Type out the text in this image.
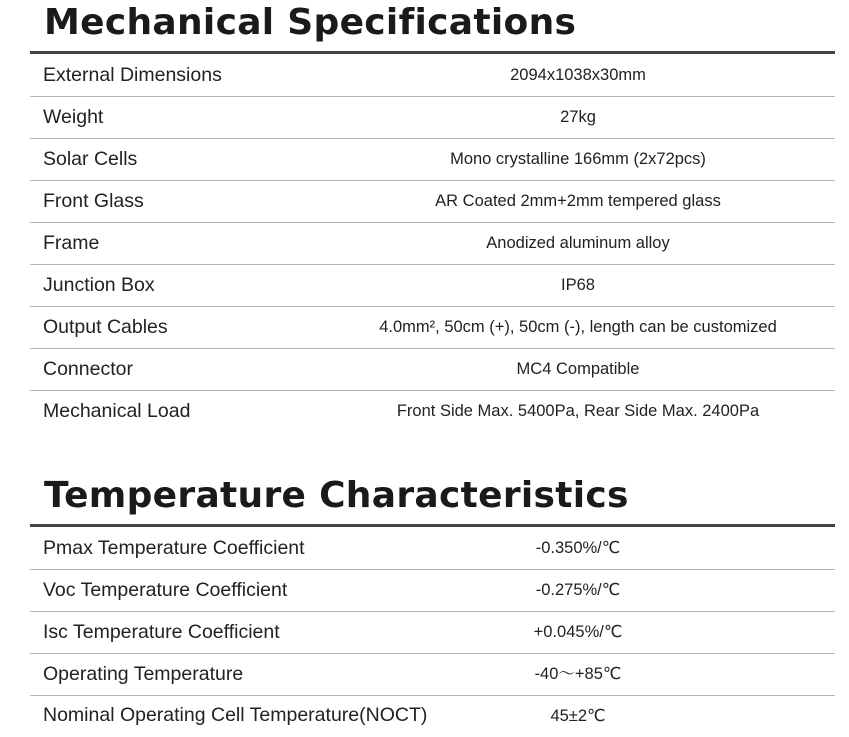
Mechanical Specifications
External Dimensions	2094x1038x30mm
Weight	27kg
Solar Cells	Mono crystalline 166mm (2x72pcs)
Front Glass	AR Coated 2mm+2mm tempered glass
Frame	Anodized aluminum alloy
Junction Box	IP68
Output Cables	4.0mm², 50cm (+), 50cm (-), length can be customized
Connector	MC4 Compatible
Mechanical Load	Front Side Max. 5400Pa, Rear Side Max. 2400Pa
Temperature Characteristics
Pmax Temperature Coefficient	-0.350%/℃
Voc Temperature Coefficient	-0.275%/℃
Isc Temperature Coefficient	+0.045%/℃
Operating Temperature	-40～+85℃
Nominal Operating Cell Temperature(NOCT)	45±2℃
